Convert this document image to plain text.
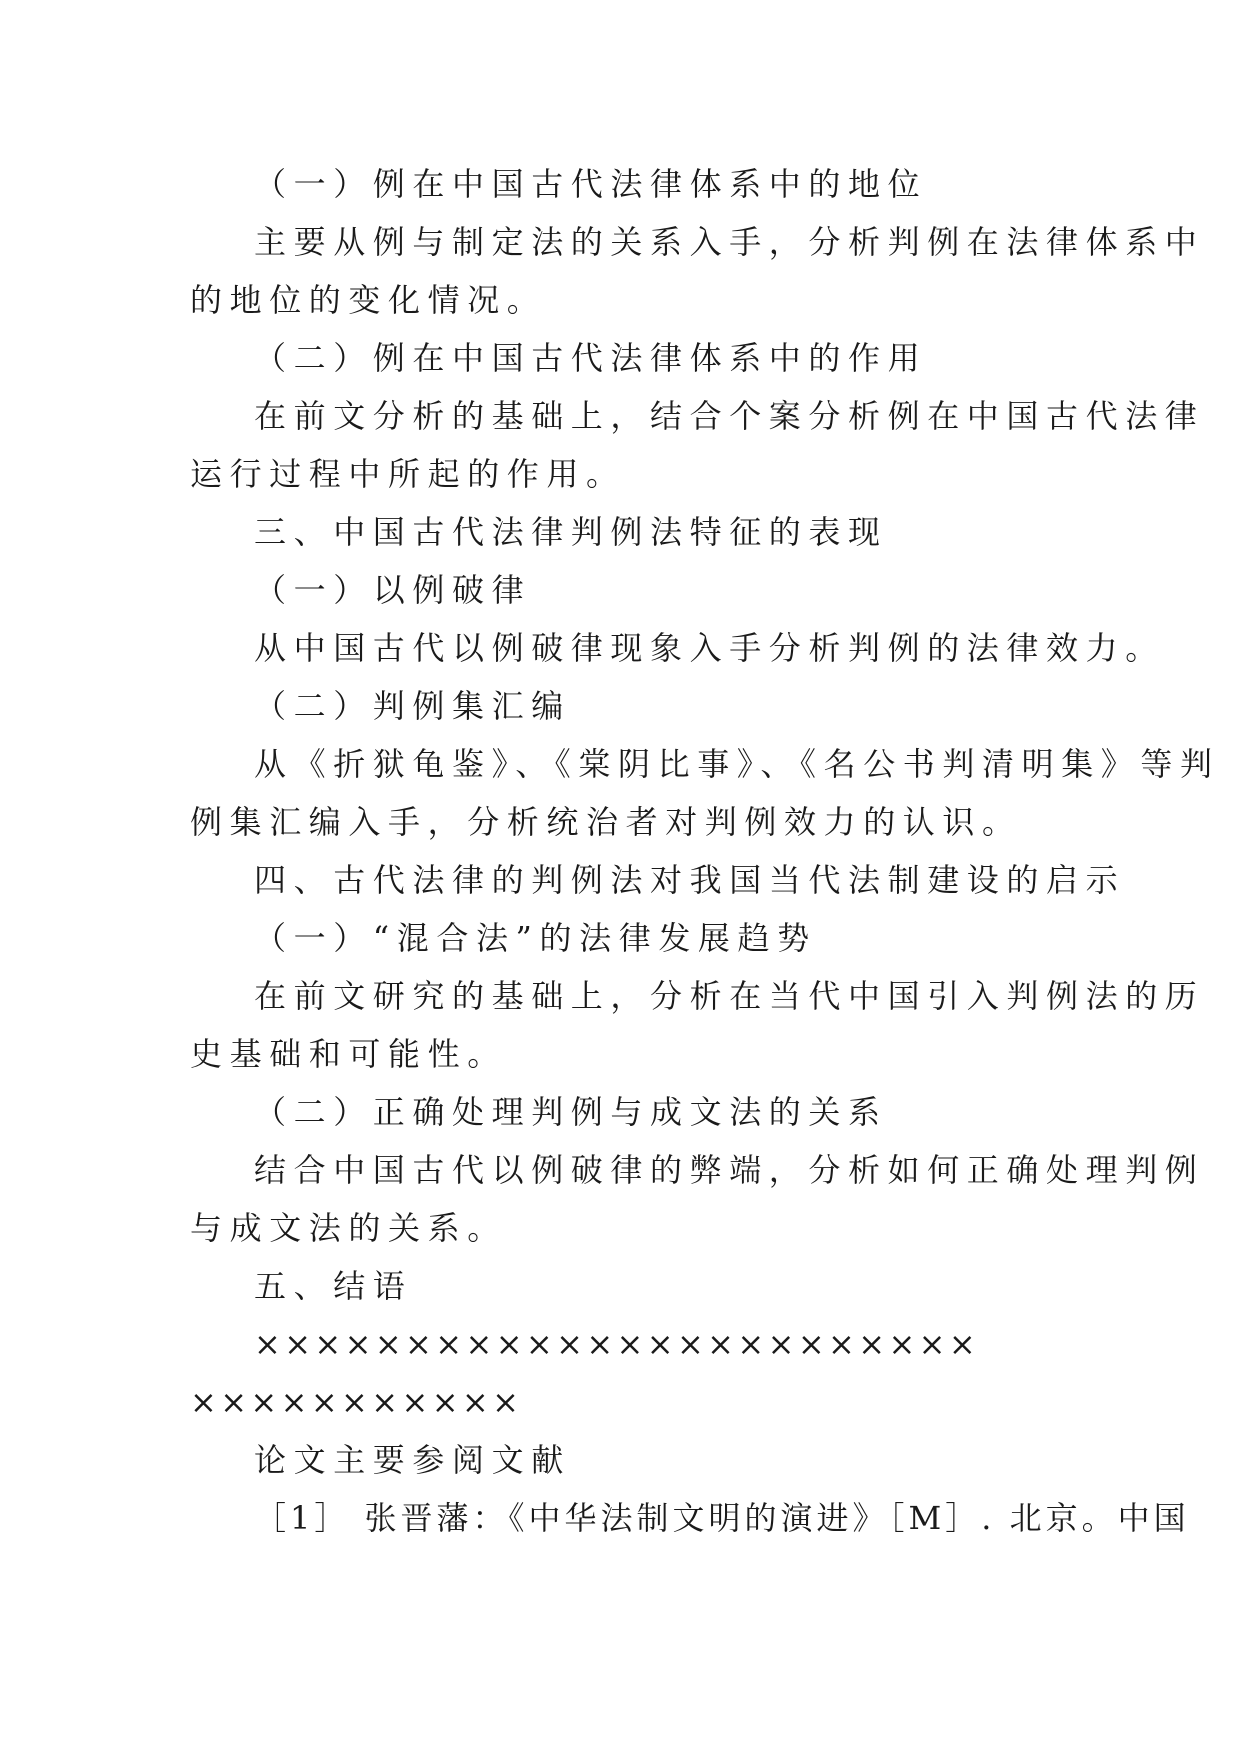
（一）例在中国古代法律体系中的地位
主要从例与制定法的关系入手，分析判例在法律体系中
的地位的变化情况。
（二）例在中国古代法律体系中的作用
在前文分析的基础上，结合个案分析例在中国古代法律
运行过程中所起的作用。
三、中国古代法律判例法特征的表现
（一）以例破律
从中国古代以例破律现象入手分析判例的法律效力。
（二）判例集汇编
从《折狱龟鉴》、《棠阴比事》、《名公书判清明集》等判
例集汇编入手，分析统治者对判例效力的认识。
四、古代法律的判例法对我国当代法制建设的启示
（一）“混合法”的法律发展趋势
在前文研究的基础上，分析在当代中国引入判例法的历
史基础和可能性。
（二）正确处理判例与成文法的关系
结合中国古代以例破律的弊端，分析如何正确处理判例
与成文法的关系。
五、结语
××××××××××××××××××××××××
×××××××××××
论文主要参阅文献
［1］ 张晋藩：《中华法制文明的演进》［M］. 北京。中国
